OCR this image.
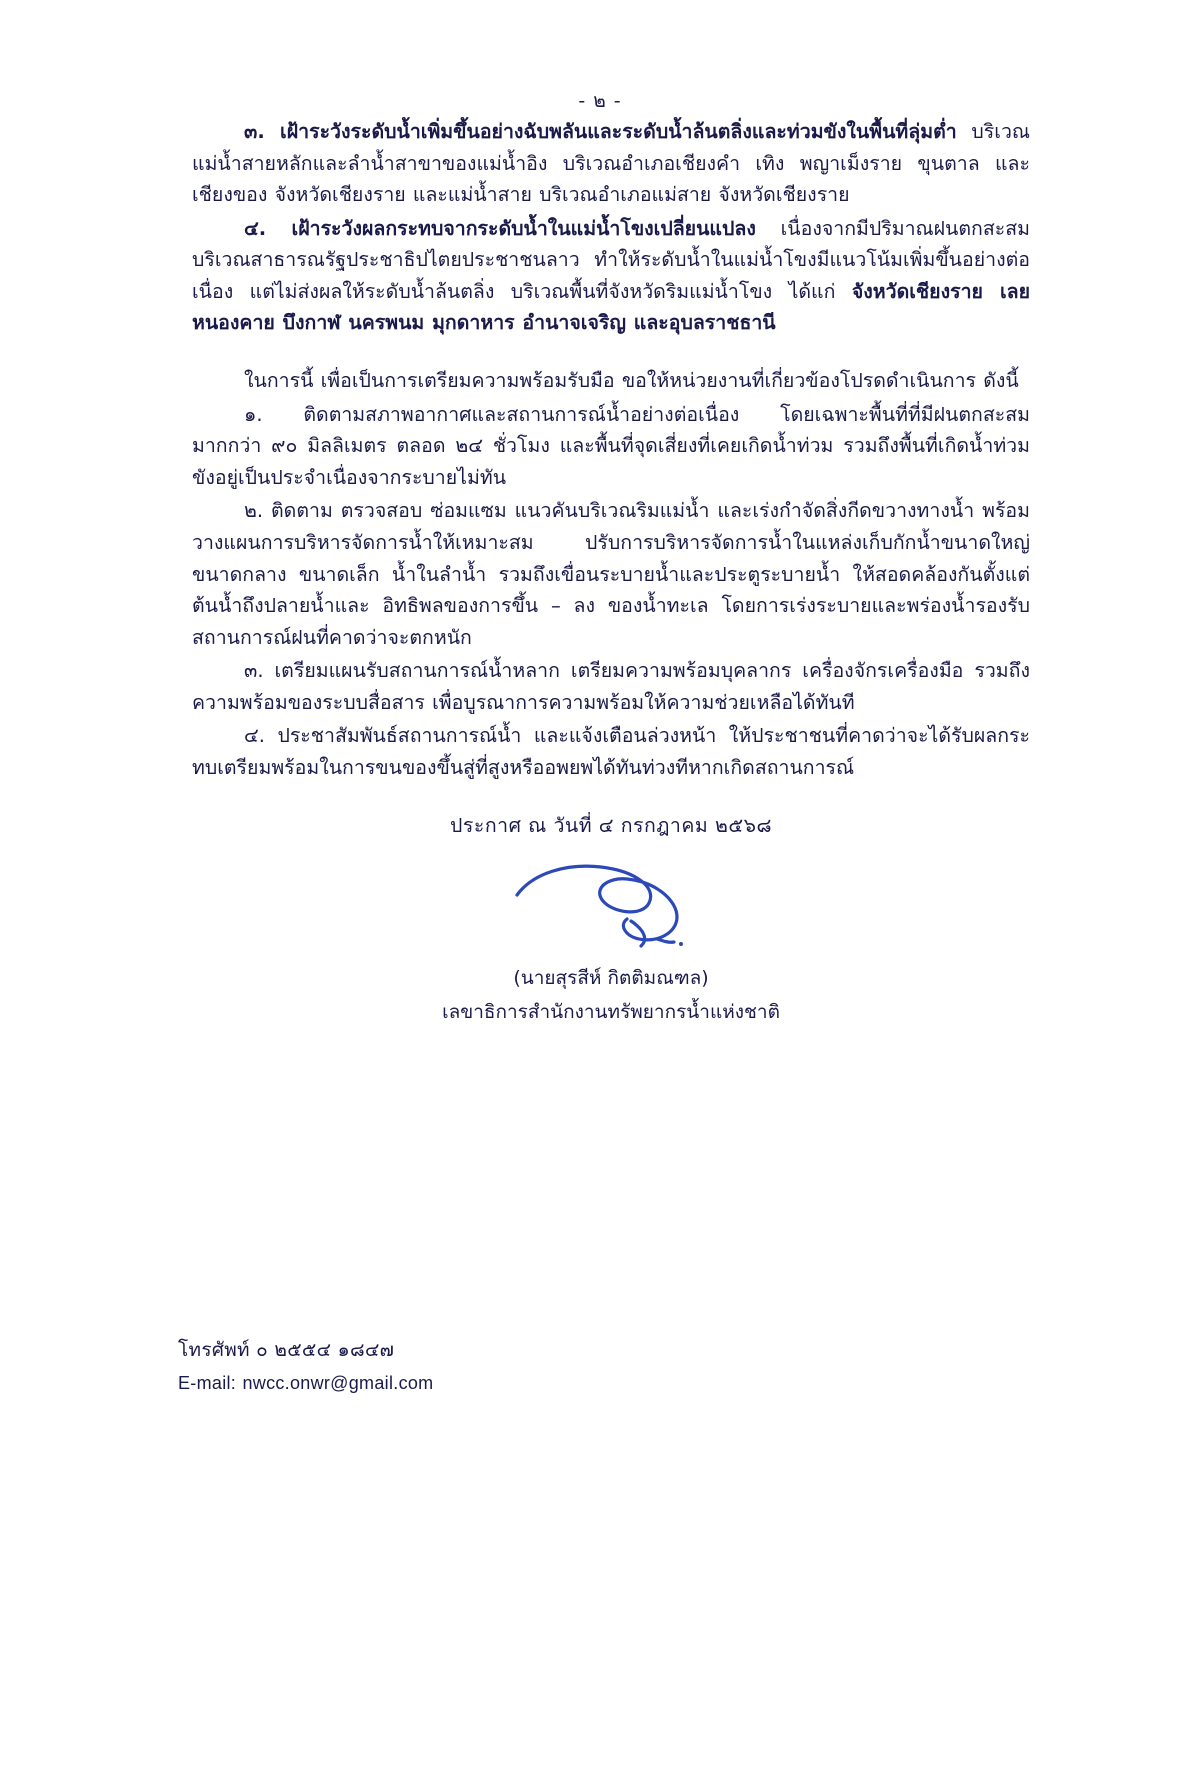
- ๒ -

๓. เฝ้าระวังระดับน้ำเพิ่มขึ้นอย่างฉับพลันและระดับน้ำล้นตลิ่งและท่วมขังในพื้นที่ลุ่มต่ำ บริเวณแม่น้ำสายหลักและลำน้ำสาขาของแม่น้ำอิง บริเวณอำเภอเชียงคำ เทิง พญาเม็งราย ขุนตาล และเชียงของ จังหวัดเชียงราย และแม่น้ำสาย บริเวณอำเภอแม่สาย จังหวัดเชียงราย

๔. เฝ้าระวังผลกระทบจากระดับน้ำในแม่น้ำโขงเปลี่ยนแปลง เนื่องจากมีปริมาณฝนตกสะสมบริเวณสาธารณรัฐประชาธิปไตยประชาชนลาว ทำให้ระดับน้ำในแม่น้ำโขงมีแนวโน้มเพิ่มขึ้นอย่างต่อเนื่อง แต่ไม่ส่งผลให้ระดับน้ำล้นตลิ่ง บริเวณพื้นที่จังหวัดริมแม่น้ำโขง ได้แก่ จังหวัดเชียงราย เลย หนองคาย บึงกาฬ นครพนม มุกดาหาร อำนาจเจริญ และอุบลราชธานี

ในการนี้ เพื่อเป็นการเตรียมความพร้อมรับมือ ขอให้หน่วยงานที่เกี่ยวข้องโปรดดำเนินการ ดังนี้

๑. ติดตามสภาพอากาศและสถานการณ์น้ำอย่างต่อเนื่อง โดยเฉพาะพื้นที่ที่มีฝนตกสะสมมากกว่า ๙๐ มิลลิเมตร ตลอด ๒๔ ชั่วโมง และพื้นที่จุดเสี่ยงที่เคยเกิดน้ำท่วม รวมถึงพื้นที่เกิดน้ำท่วมขังอยู่เป็นประจำเนื่องจากระบายไม่ทัน

๒. ติดตาม ตรวจสอบ ซ่อมแซม แนวคันบริเวณริมแม่น้ำ และเร่งกำจัดสิ่งกีดขวางทางน้ำ พร้อมวางแผนการบริหารจัดการน้ำให้เหมาะสม ปรับการบริหารจัดการน้ำในแหล่งเก็บกักน้ำขนาดใหญ่ ขนาดกลาง ขนาดเล็ก น้ำในลำน้ำ รวมถึงเขื่อนระบายน้ำและประตูระบายน้ำ ให้สอดคล้องกันตั้งแต่ต้นน้ำถึงปลายน้ำและ อิทธิพลของการขึ้น – ลง ของน้ำทะเล โดยการเร่งระบายและพร่องน้ำรองรับสถานการณ์ฝนที่คาดว่าจะตกหนัก

๓. เตรียมแผนรับสถานการณ์น้ำหลาก เตรียมความพร้อมบุคลากร เครื่องจักรเครื่องมือ รวมถึงความพร้อมของระบบสื่อสาร เพื่อบูรณาการความพร้อมให้ความช่วยเหลือได้ทันที

๔. ประชาสัมพันธ์สถานการณ์น้ำ และแจ้งเตือนล่วงหน้า ให้ประชาชนที่คาดว่าจะได้รับผลกระทบเตรียมพร้อมในการขนของขึ้นสู่ที่สูงหรืออพยพได้ทันท่วงทีหากเกิดสถานการณ์

ประกาศ ณ วันที่ ๔ กรกฎาคม ๒๕๖๘
(นายสุรสีห์ กิตติมณฑล)
เลขาธิการสำนักงานทรัพยากรน้ำแห่งชาติ
โทรศัพท์ ๐ ๒๕๕๔ ๑๘๔๗
E-mail: nwcc.onwr@gmail.com
